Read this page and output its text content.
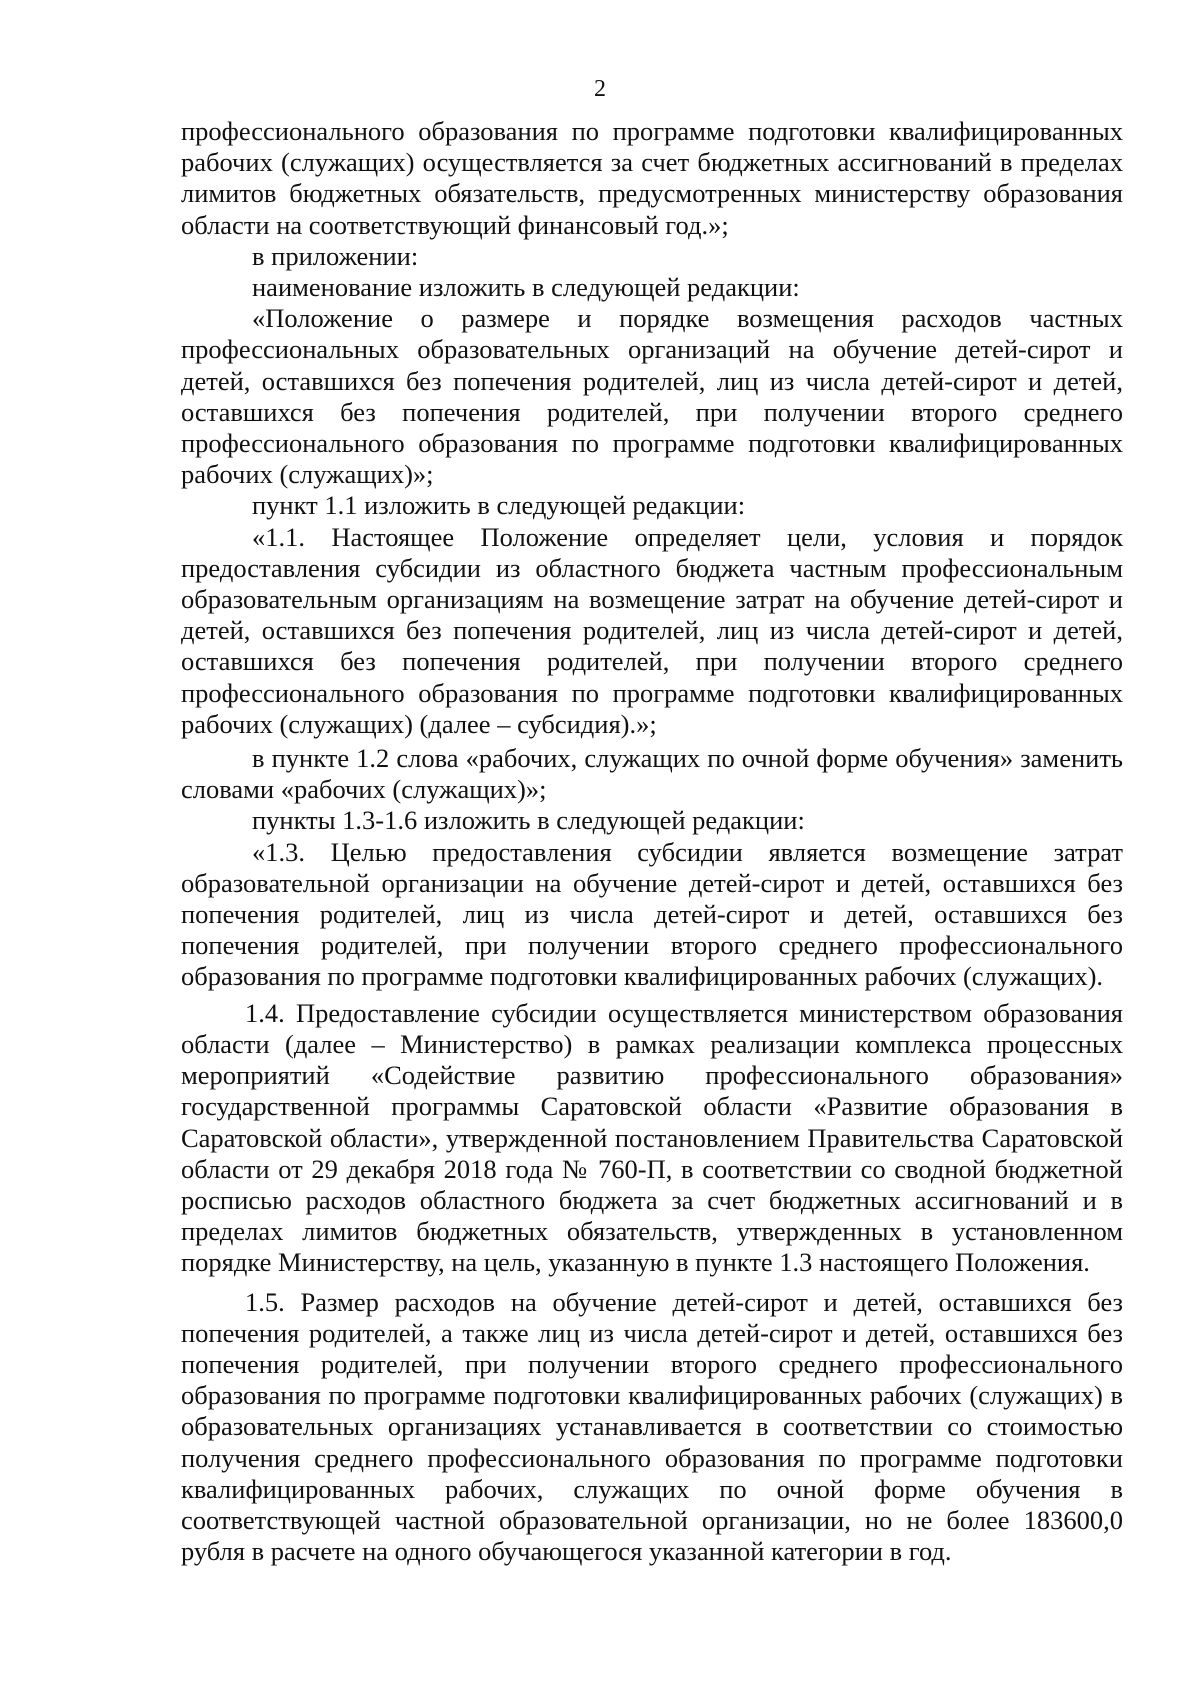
2

профессионального образования по программе подготовки квалифицированных рабочих (служащих) осуществляется за счет бюджетных ассигнований в пределах лимитов бюджетных обязательств, предусмотренных министерству образования области на соответствующий финансовый год.»;

в приложении:

наименование изложить в следующей редакции:

«Положение о размере и порядке возмещения расходов частных профессиональных образовательных организаций на обучение детей-сирот и детей, оставшихся без попечения родителей, лиц из числа детей-сирот и детей, оставшихся без попечения родителей, при получении второго среднего профессионального образования по программе подготовки квалифицированных рабочих (служащих)»;

пункт 1.1 изложить в следующей редакции:

«1.1. Настоящее Положение определяет цели, условия и порядок предоставления субсидии из областного бюджета частным профессиональным образовательным организациям на возмещение затрат на обучение детей-сирот и детей, оставшихся без попечения родителей, лиц из числа детей-сирот и детей, оставшихся без попечения родителей, при получении второго среднего профессионального образования по программе подготовки квалифицированных рабочих (служащих) (далее – субсидия).»;

в пункте 1.2 слова «рабочих, служащих по очной форме обучения» заменить словами «рабочих (служащих)»;

пункты 1.3-1.6 изложить в следующей редакции:

«1.3. Целью предоставления субсидии является возмещение затрат образовательной организации на обучение детей-сирот и детей, оставшихся без попечения родителей, лиц из числа детей-сирот и детей, оставшихся без попечения родителей, при получении второго среднего профессионального образования по программе подготовки квалифицированных рабочих (служащих).

1.4. Предоставление субсидии осуществляется министерством образования области (далее – Министерство) в рамках реализации комплекса процессных мероприятий «Содействие развитию профессионального образования» государственной программы Саратовской области «Развитие образования в Саратовской области», утвержденной постановлением Правительства Саратовской области от 29 декабря 2018 года № 760-П, в соответствии со сводной бюджетной росписью расходов областного бюджета за счет бюджетных ассигнований и в пределах лимитов бюджетных обязательств, утвержденных в установленном порядке Министерству, на цель, указанную в пункте 1.3 настоящего Положения.

1.5. Размер расходов на обучение детей-сирот и детей, оставшихся без попечения родителей, а также лиц из числа детей-сирот и детей, оставшихся без попечения родителей, при получении второго среднего профессионального образования по программе подготовки квалифицированных рабочих (служащих) в образовательных организациях устанавливается в соответствии со стоимостью получения среднего профессионального образования по программе подготовки квалифицированных рабочих, служащих по очной форме обучения в соответствующей частной образовательной организации, но не более 183600,0 рубля в расчете на одного обучающегося указанной категории в год.
